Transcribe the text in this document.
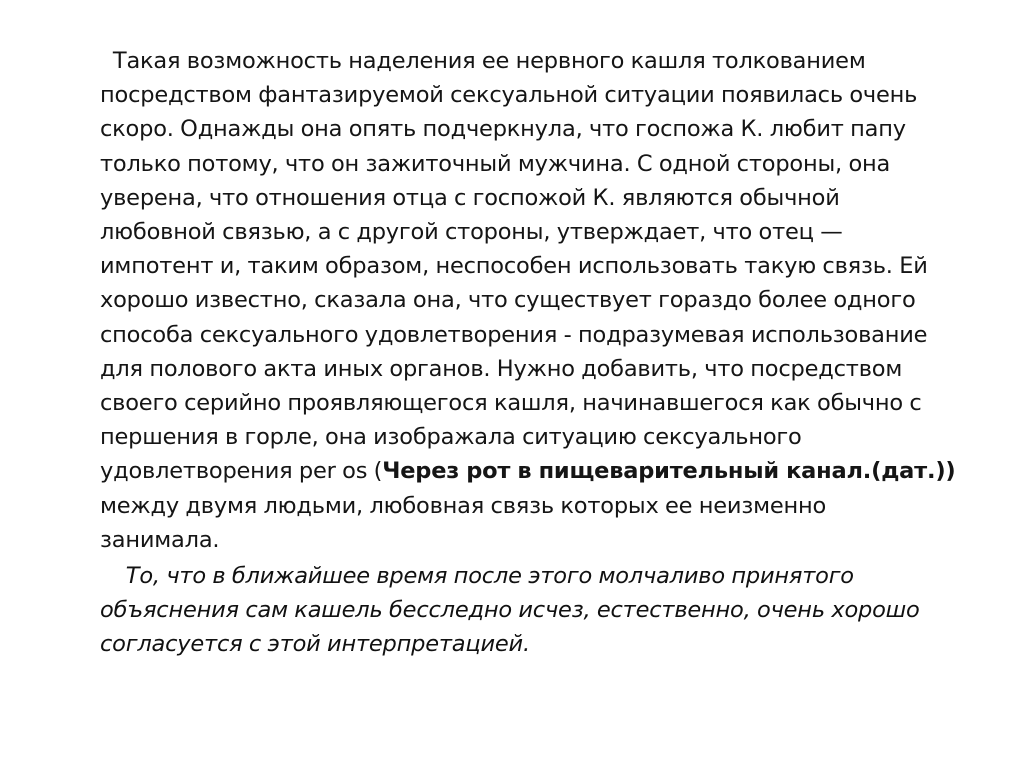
Такая возможность наделения ее нервного кашля толкованием
посредством фантазируемой сексуальной ситуации появилась очень
скоро. Однажды она опять подчеркнула, что госпожа К. любит папу
только потому, что он зажиточный мужчина. С одной стороны, она
уверена, что отношения отца с госпожой К. являются обычной
любовной связью, а с другой стороны, утверждает, что отец —
импотент и, таким образом, неспособен использовать такую связь. Ей
хорошо известно, сказала она, что существует гораздо более одного
способа сексуального удовлетворения - подразумевая использование
для полового акта иных органов. Нужно добавить, что посредством
своего серийно проявляющегося кашля, начинавшегося как обычно с
першения в горле, она изображала ситуацию сексуального
удовлетворения per os (Через рот в пищеварительный канал.(дат.))
между двумя людьми, любовная связь которых ее неизменно
занимала.

То, что в ближайшее время после этого молчаливо принятого
объяснения сам кашель бесследно исчез, естественно, очень хорошо
согласуется с этой интерпретацией.
